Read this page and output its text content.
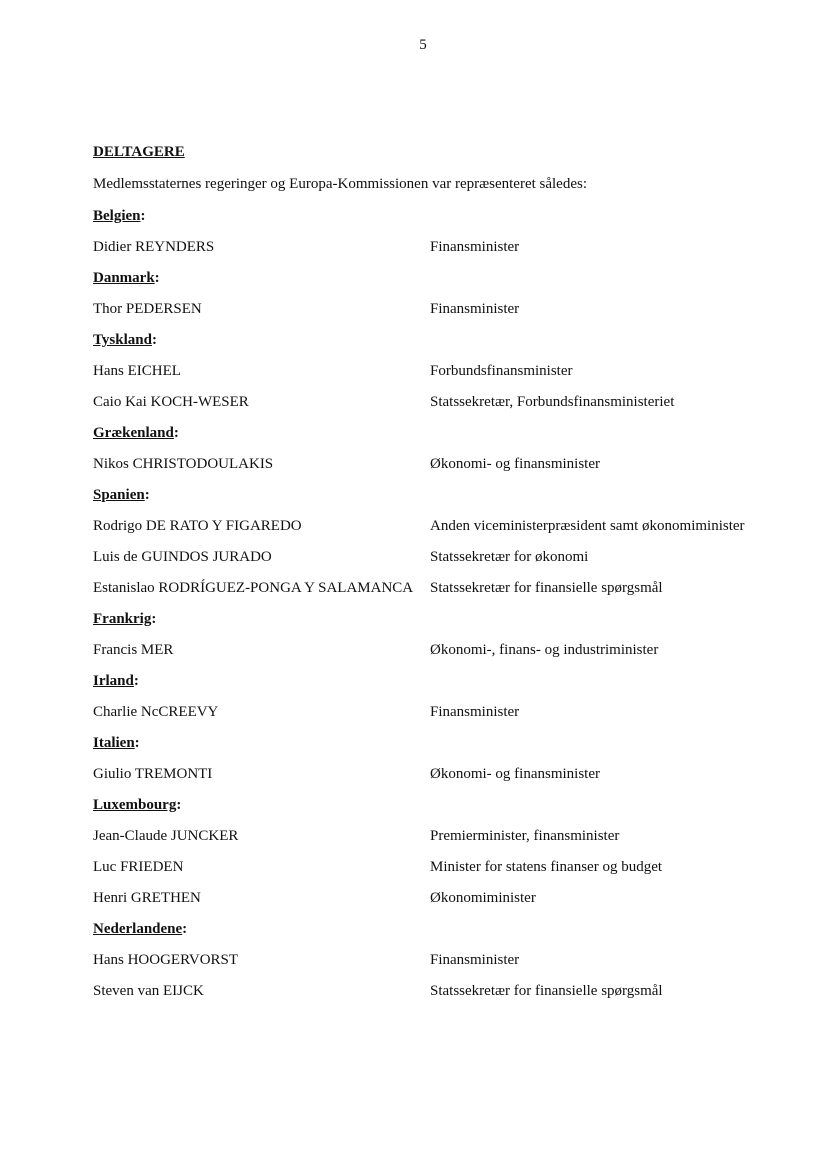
5
DELTAGERE
Medlemsstaternes regeringer og Europa-Kommissionen var repræsenteret således:
Belgien:
Didier REYNDERS	Finansminister
Danmark:
Thor PEDERSEN	Finansminister
Tyskland:
Hans EICHEL	Forbundsfinansminister
Caio Kai KOCH-WESER	Statssekretær, Forbundsfinansministeriet
Grækenland:
Nikos CHRISTODOULAKIS	Økonomi- og finansminister
Spanien:
Rodrigo DE RATO Y FIGAREDO	Anden viceministerpræsident samt økonomiminister
Luis de GUINDOS JURADO	Statssekretær for økonomi
Estanislao RODRÍGUEZ-PONGA Y SALAMANCA Statssekretær for finansielle spørgsmål
Frankrig:
Francis MER	Økonomi-, finans- og industriminister
Irland:
Charlie NcCREEVY	Finansminister
Italien:
Giulio TREMONTI	Økonomi- og finansminister
Luxembourg:
Jean-Claude JUNCKER	Premierminister, finansminister
Luc FRIEDEN	Minister for statens finanser og budget
Henri GRETHEN	Økonomiminister
Nederlandene:
Hans HOOGERVORST	Finansminister
Steven van EIJCK	Statssekretær for finansielle spørgsmål
